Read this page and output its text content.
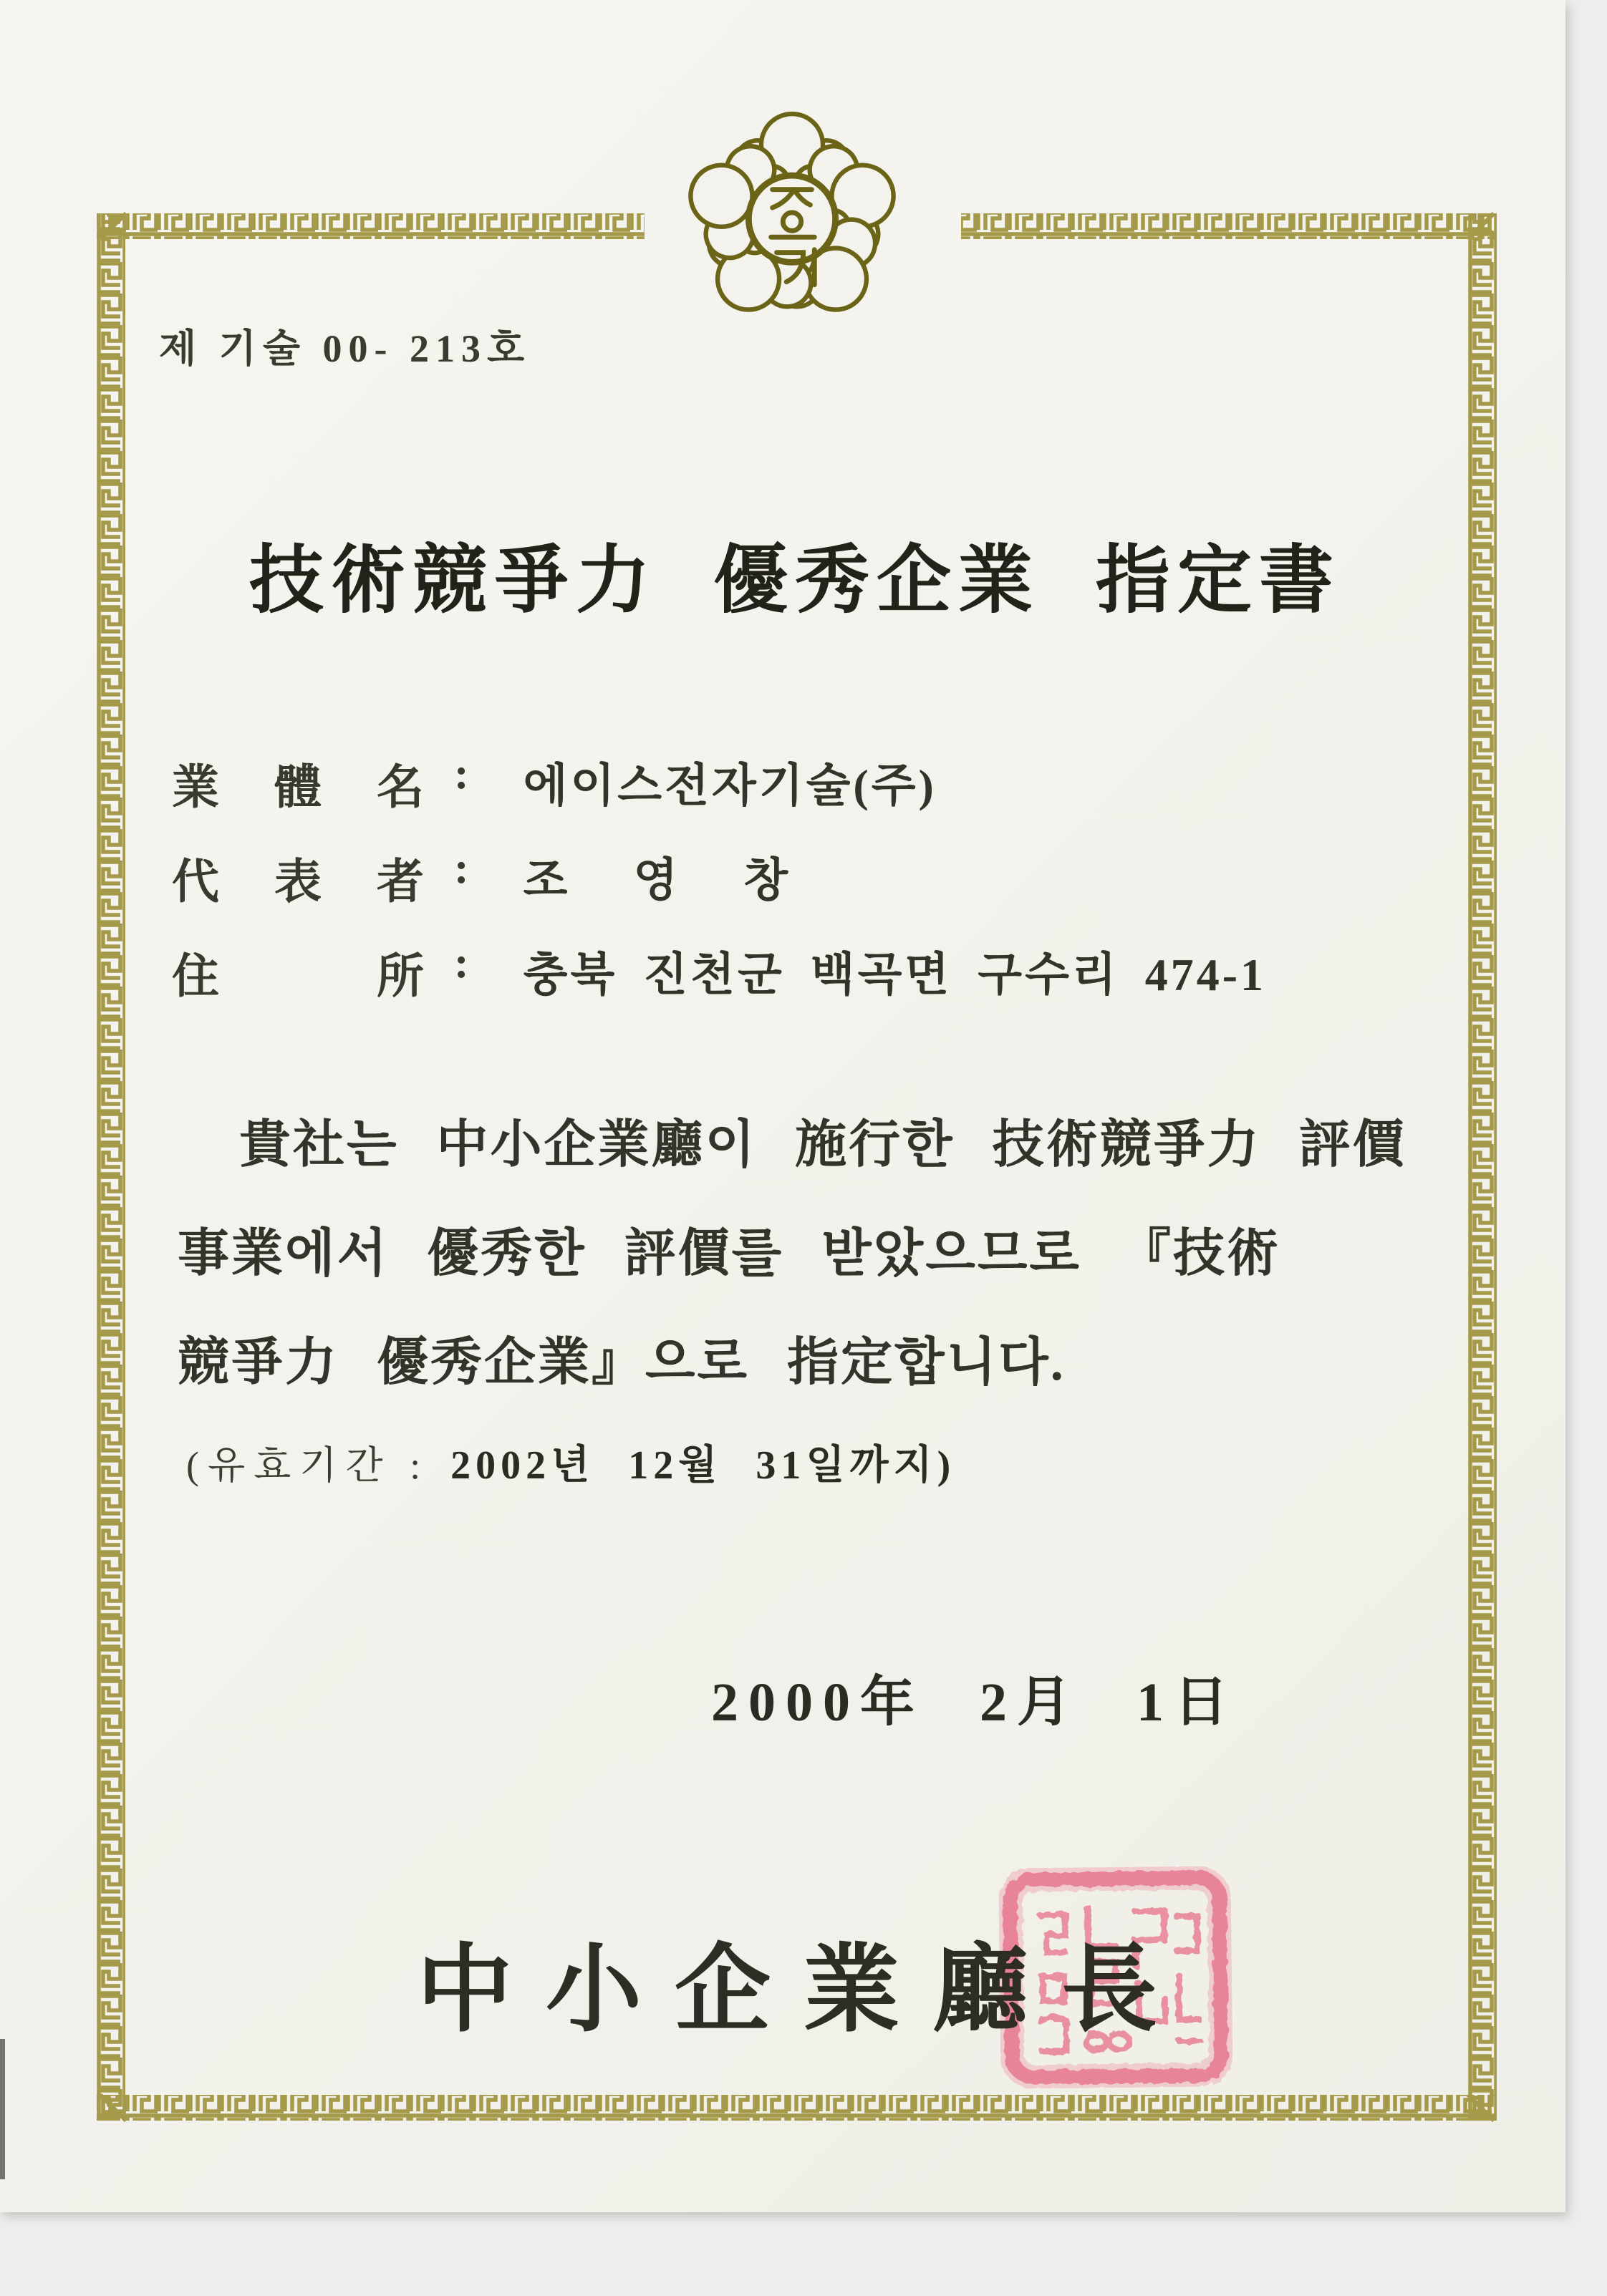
제 기술 00- 213호
技術競爭力 優秀企業 指定書
業 體 名 : 에이스전자기술(주)
代 表 者 : 조 영 창
住	所 : 충북 진천군 백곡면 구수리 474-1
貴社는 中小企業廳이 施行한 技術競爭力 評價
事業에서 優秀한 評價를 받았으므로 『技術
競爭力 優秀企業』으로 指定합니다.
(유효기간 : 2002년 12월 31일까지)
2000年 2月 1日
中小企業廳長
